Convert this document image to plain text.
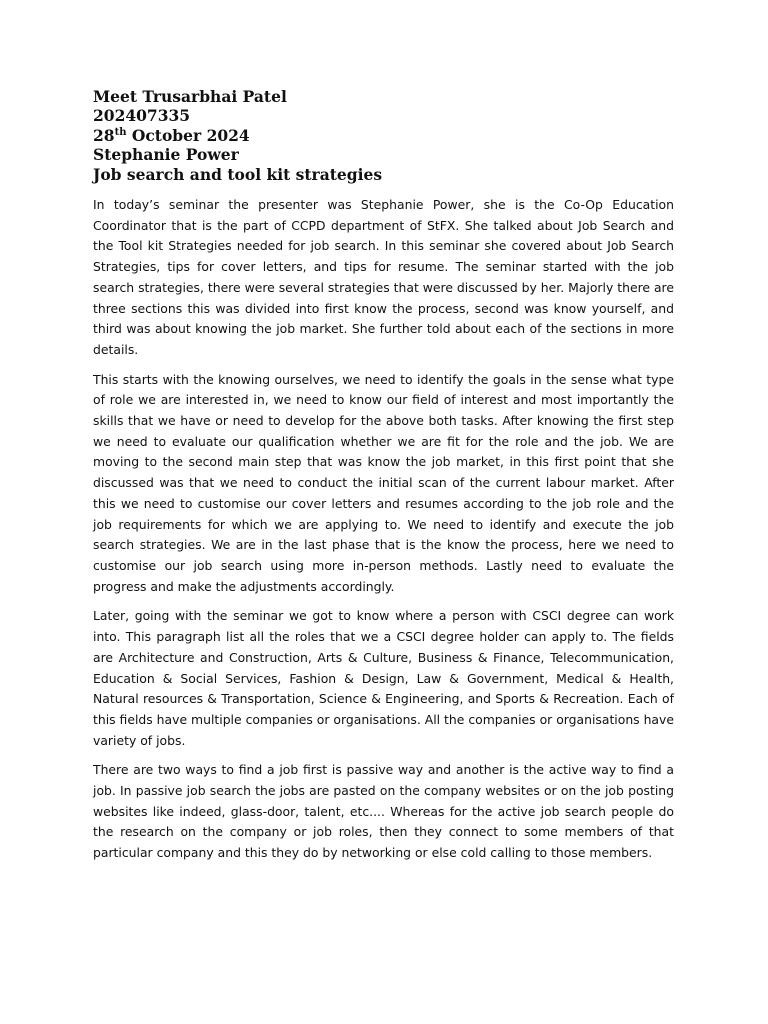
Meet Trusarbhai Patel
202407335
28th October 2024
Stephanie Power
Job search and tool kit strategies

In today’s seminar the presenter was Stephanie Power, she is the Co-Op Education Coordinator that is the part of CCPD department of StFX. She talked about Job Search and the Tool kit Strategies needed for job search. In this seminar she covered about Job Search Strategies, tips for cover letters, and tips for resume. The seminar started with the job search strategies, there were several strategies that were discussed by her. Majorly there are three sections this was divided into first know the process, second was know yourself, and third was about knowing the job market. She further told about each of the sections in more details.

This starts with the knowing ourselves, we need to identify the goals in the sense what type of role we are interested in, we need to know our field of interest and most importantly the skills that we have or need to develop for the above both tasks. After knowing the first step we need to evaluate our qualification whether we are fit for the role and the job. We are moving to the second main step that was know the job market, in this first point that she discussed was that we need to conduct the initial scan of the current labour market. After this we need to customise our cover letters and resumes according to the job role and the job requirements for which we are applying to. We need to identify and execute the job search strategies. We are in the last phase that is the know the process, here we need to customise our job search using more in-person methods. Lastly need to evaluate the progress and make the adjustments accordingly.

Later, going with the seminar we got to know where a person with CSCI degree can work into. This paragraph list all the roles that we a CSCI degree holder can apply to. The fields are Architecture and Construction, Arts & Culture, Business & Finance, Telecommunication, Education & Social Services, Fashion & Design, Law & Government, Medical & Health, Natural resources & Transportation, Science & Engineering, and Sports & Recreation. Each of this fields have multiple companies or organisations. All the companies or organisations have variety of jobs.

There are two ways to find a job first is passive way and another is the active way to find a job. In passive job search the jobs are pasted on the company websites or on the job posting websites like indeed, glass-door, talent, etc.... Whereas for the active job search people do the research on the company or job roles, then they connect to some members of that particular company and this they do by networking or else cold calling to those members.
